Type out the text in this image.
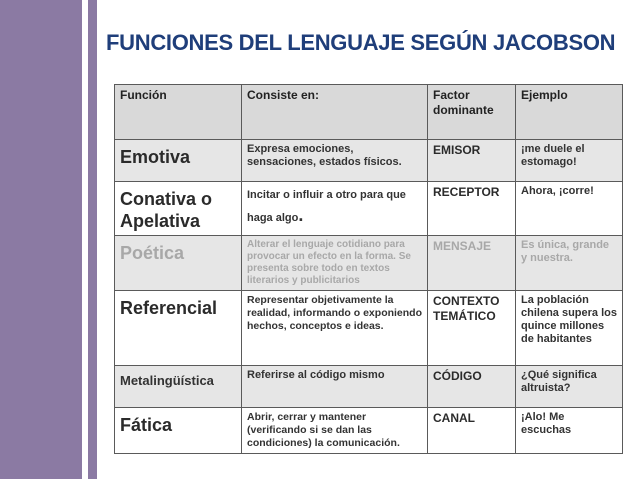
FUNCIONES DEL LENGUAJE SEGÚN JACOBSON
Función	Consiste en:	Factor dominante	Ejemplo
Emotiva	Expresa emociones, sensaciones, estados físicos.	EMISOR	¡me duele el estomago!
Conativa o Apelativa	Incitar o influir a otro para que haga algo.	RECEPTOR	Ahora, ¡corre!
Poética	Alterar el lenguaje cotidiano para provocar un efecto en la forma. Se presenta sobre todo en textos literarios y publicitarios	MENSAJE	Es única, grande y nuestra.
Referencial	Representar objetivamente la realidad, informando o exponiendo hechos, conceptos e ideas.	CONTEXTO TEMÁTICO	La población chilena supera los quince millones de habitantes
Metalingüística	Referirse al código mismo	CÓDIGO	¿Qué significa altruista?
Fática	Abrir, cerrar y mantener (verificando si se dan las condiciones) la comunicación.	CANAL	¡Alo! Me escuchas
